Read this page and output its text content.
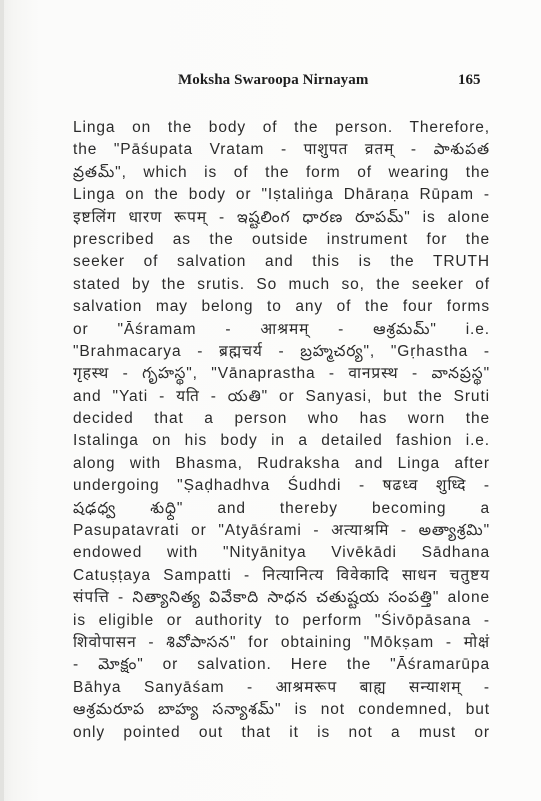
Moksha Swaroopa Nirnayam	165
Linga on the body of the person. Therefore,
the "Pāśupata Vratam - पाशुपत व्रतम् - పాశుపత
వ్రతమ్", which is of the form of wearing the
Linga on the body or "Iṣtaliṅga Dhāraṇa Rūpam -
इष्टलिंग धारण रूपम् - ఇష్టలింగ ధారణ రూపమ్" is alone
prescribed as the outside instrument for the
seeker of salvation and this is the TRUTH
stated by the srutis. So much so, the seeker of
salvation may belong to any of the four forms
or "Āśramam - आश्रमम् - ఆశ్రమమ్" i.e.
"Brahmacarya - ब्रह्मचर्य - బ్రహ్మచర్య", "Gṛhastha -
गृहस्थ - గృహస్థ", "Vānaprastha - वानप्रस्थ - వానప్రస్థ"
and "Yati - यति - యతి" or Sanyasi, but the Sruti
decided that a person who has worn the
Istalinga on his body in a detailed fashion i.e.
along with Bhasma, Rudraksha and Linga after
undergoing "Ṣaḍhadhva Śudhdi - षढध्व शुध्दि -
షఢధ్వ శుధ్ది" and thereby becoming a
Pasupatavrati or "Atyāśrami - अत्याश्रमि - అత్యాశ్రమి"
endowed with "Nityānitya Vivēkādi Sādhana
Catuṣṭaya Sampatti - नित्यानित्य विवेकादि साधन चतुष्टय
संपत्ति - నిత్యానిత్య వివేకాది సాధన చతుష్టయ సంపత్తి" alone
is eligible or authority to perform "Śivōpāsana -
शिवोपासन - శివోపాసన" for obtaining "Mōkṣam - मोक्षं
- మోక్షం" or salvation. Here the "Āśramarūpa
Bāhya Sanyāśam - आश्रमरूप बाह्य सन्याशम् -
ఆశ్రమరూప బాహ్య సన్యాశమ్" is not condemned, but
only pointed out that it is not a must or
